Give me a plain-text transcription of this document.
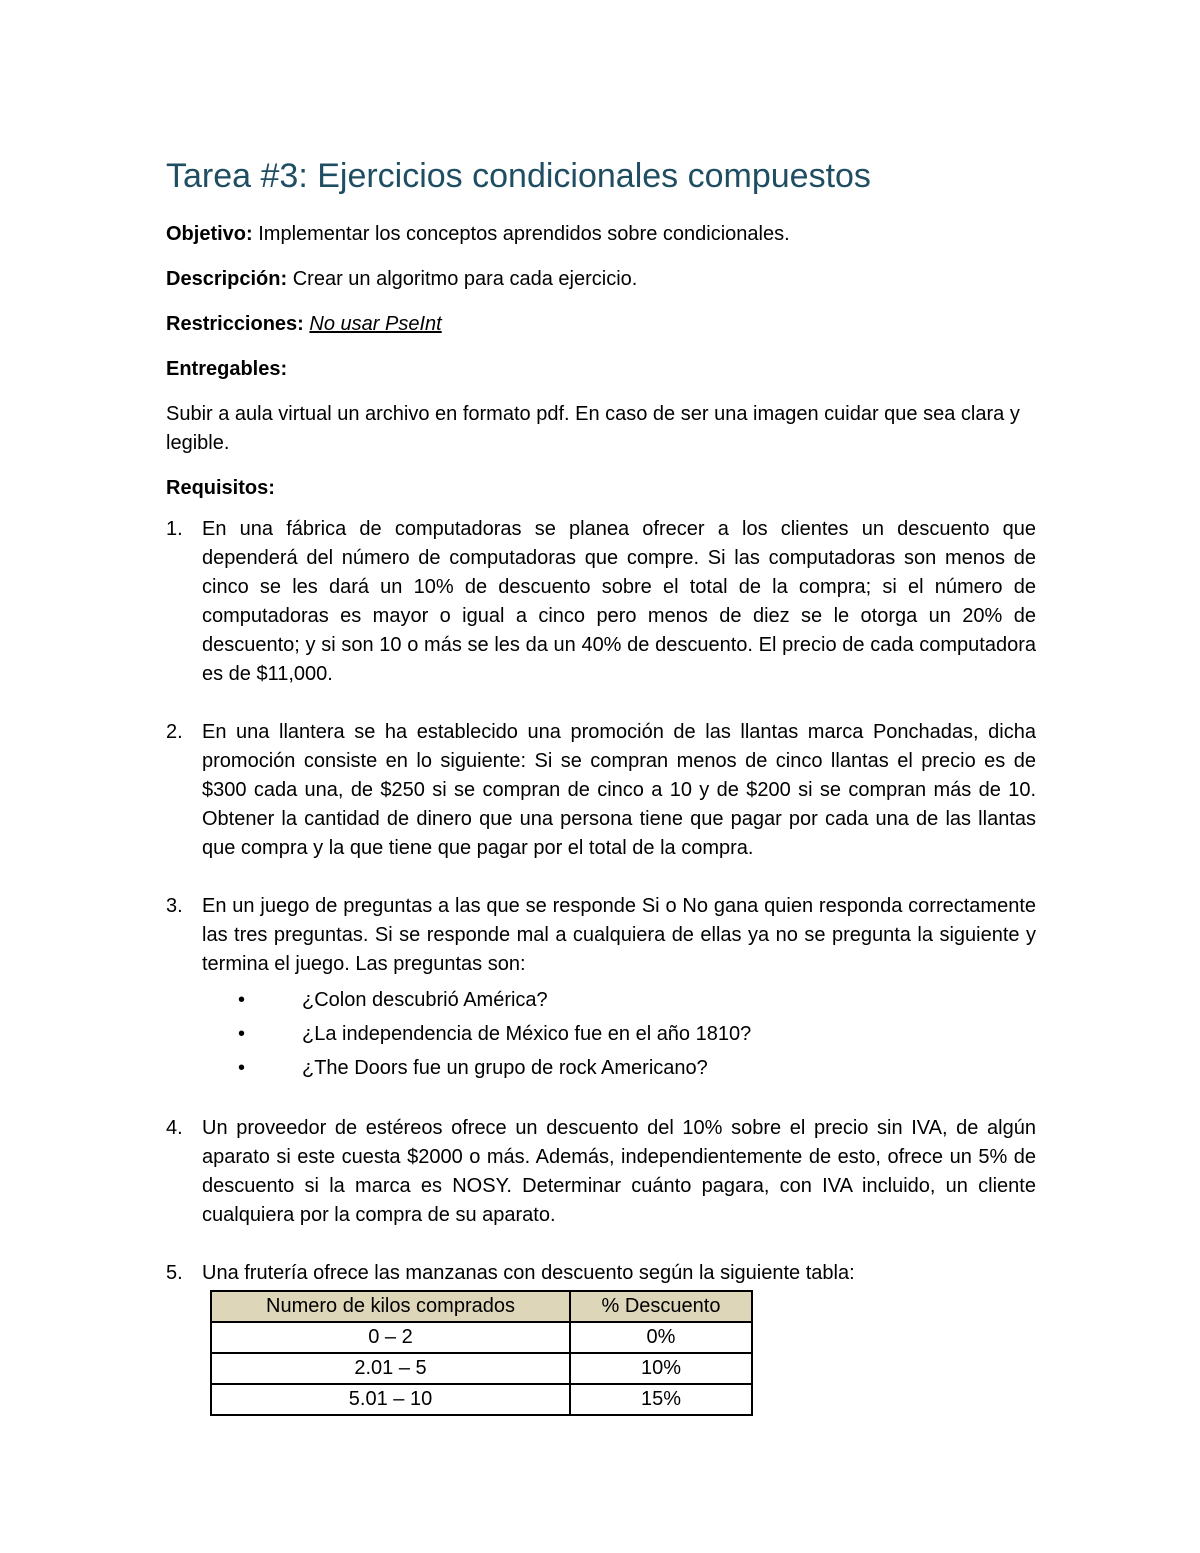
Tarea #3: Ejercicios condicionales compuestos

Objetivo: Implementar los conceptos aprendidos sobre condicionales.

Descripción: Crear un algoritmo para cada ejercicio.

Restricciones: No usar PseInt

Entregables:

Subir a aula virtual un archivo en formato pdf. En caso de ser una imagen cuidar que sea clara y legible.

Requisitos:

1. En una fábrica de computadoras se planea ofrecer a los clientes un descuento que dependerá del número de computadoras que compre. Si las computadoras son menos de cinco se les dará un 10% de descuento sobre el total de la compra; si el número de computadoras es mayor o igual a cinco pero menos de diez se le otorga un 20% de descuento; y si son 10 o más se les da un 40% de descuento. El precio de cada computadora es de $11,000.
2. En una llantera se ha establecido una promoción de las llantas marca Ponchadas, dicha promoción consiste en lo siguiente: Si se compran menos de cinco llantas el precio es de $300 cada una, de $250 si se compran de cinco a 10 y de $200 si se compran más de 10. Obtener la cantidad de dinero que una persona tiene que pagar por cada una de las llantas que compra y la que tiene que pagar por el total de la compra.
3. En un juego de preguntas a las que se responde Si o No gana quien responda correctamente las tres preguntas. Si se responde mal a cualquiera de ellas ya no se pregunta la siguiente y termina el juego. Las preguntas son:
•	¿Colon descubrió América?
•	¿La independencia de México fue en el año 1810?
•	¿The Doors fue un grupo de rock Americano?
4. Un proveedor de estéreos ofrece un descuento del 10% sobre el precio sin IVA, de algún aparato si este cuesta $2000 o más. Además, independientemente de esto, ofrece un 5% de descuento si la marca es NOSY. Determinar cuánto pagara, con IVA incluido, un cliente cualquiera por la compra de su aparato.
5. Una frutería ofrece las manzanas con descuento según la siguiente tabla:
Numero de kilos comprados	% Descuento
0 – 2	0%
2.01 – 5	10%
5.01 – 10	15%
